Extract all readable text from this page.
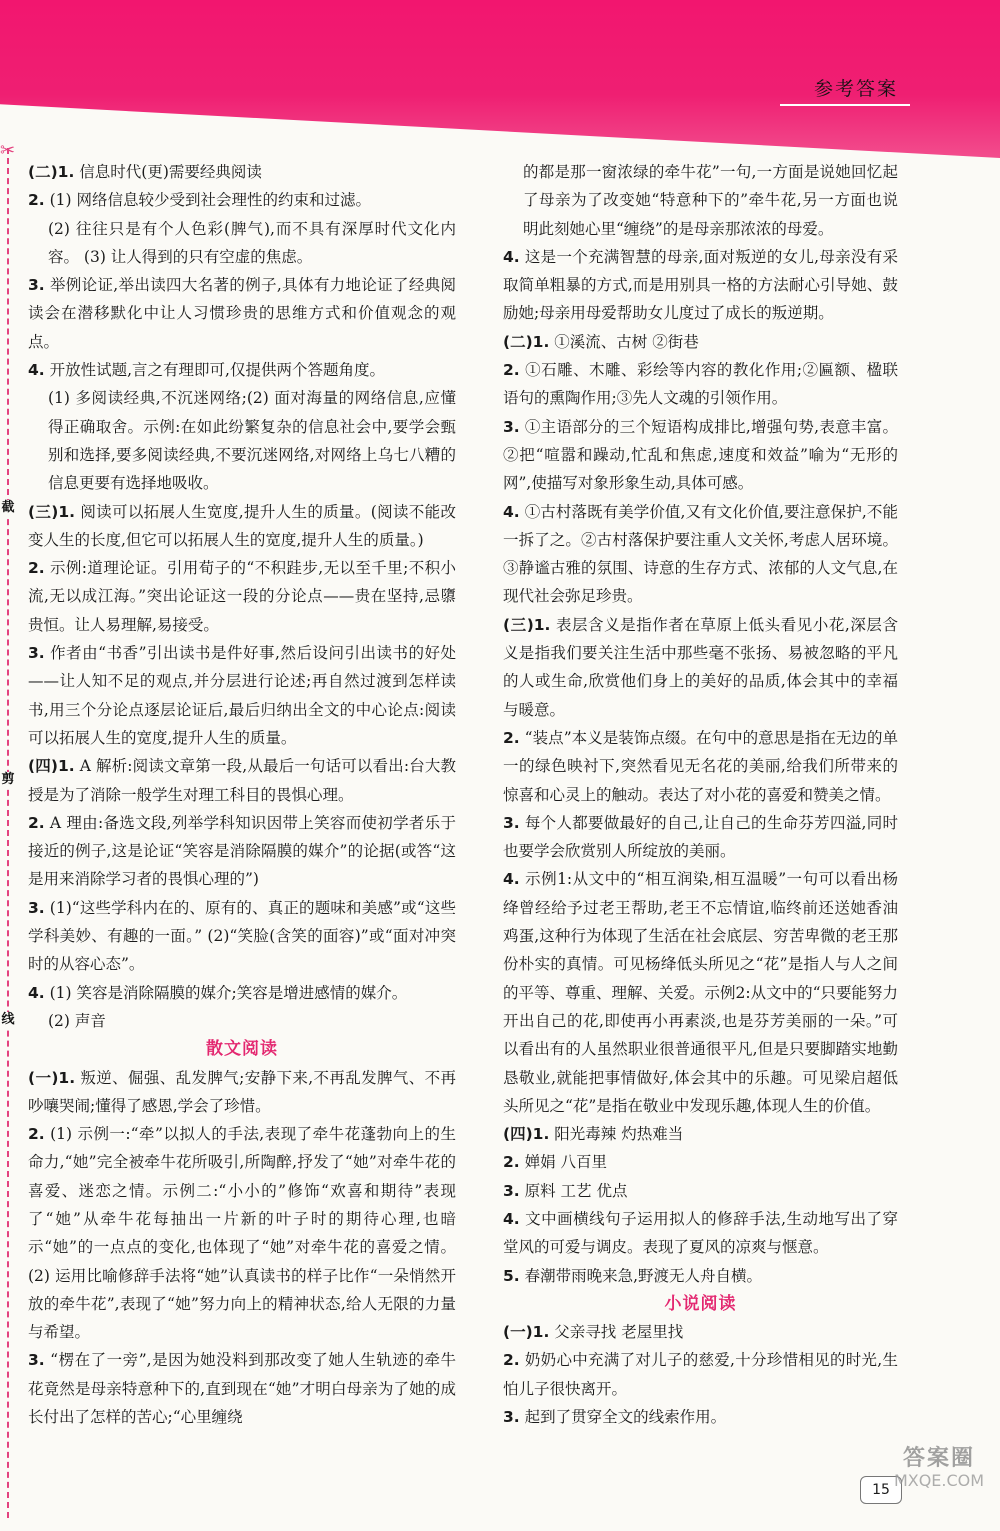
参考答案
✂
截
剪
线
(二)1. 信息时代(更)需要经典阅读
2. (1) 网络信息较少受到社会理性的约束和过滤。
(2) 往往只是有个人色彩(脾气),而不具有深厚时代文化内容。 (3) 让人得到的只有空虚的焦虑。
3. 举例论证,举出读四大名著的例子,具体有力地论证了经典阅读会在潜移默化中让人习惯珍贵的思维方式和价值观念的观点。
4. 开放性试题,言之有理即可,仅提供两个答题角度。
(1) 多阅读经典,不沉迷网络;(2) 面对海量的网络信息,应懂得正确取舍。示例:在如此纷繁复杂的信息社会中,要学会甄别和选择,要多阅读经典,不要沉迷网络,对网络上乌七八糟的信息更要有选择地吸收。
(三)1. 阅读可以拓展人生宽度,提升人生的质量。(阅读不能改变人生的长度,但它可以拓展人生的宽度,提升人生的质量。)
2. 示例:道理论证。引用荀子的“不积跬步,无以至千里;不积小流,无以成江海。”突出论证这一段的分论点——贵在坚持,忌隳贵恒。让人易理解,易接受。
3. 作者由“书香”引出读书是件好事,然后设问引出读书的好处——让人知不足的观点,并分层进行论述;再自然过渡到怎样读书,用三个分论点逐层论证后,最后归纳出全文的中心论点:阅读可以拓展人生的宽度,提升人生的质量。
(四)1. A 解析:阅读文章第一段,从最后一句话可以看出:台大教授是为了消除一般学生对理工科目的畏惧心理。
2. A 理由:备选文段,列举学科知识因带上笑容而使初学者乐于接近的例子,这是论证“笑容是消除隔膜的媒介”的论据(或答“这是用来消除学习者的畏惧心理的”)
3. (1)“这些学科内在的、原有的、真正的题味和美感”或“这些学科美妙、有趣的一面。” (2)“笑脸(含笑的面容)”或“面对冲突时的从容心态”。
4. (1) 笑容是消除隔膜的媒介;笑容是增进感情的媒介。
(2) 声音
散文阅读
(一)1. 叛逆、倔强、乱发脾气;安静下来,不再乱发脾气、不再吵嚷哭闹;懂得了感恩,学会了珍惜。
2. (1) 示例一:“牵”以拟人的手法,表现了牵牛花蓬勃向上的生命力,“她”完全被牵牛花所吸引,所陶醉,抒发了“她”对牵牛花的喜爱、迷恋之情。示例二:“小小的”修饰“欢喜和期待”表现了“她”从牵牛花每抽出一片新的叶子时的期待心理,也暗示“她”的一点点的变化,也体现了“她”对牵牛花的喜爱之情。 (2) 运用比喻修辞手法将“她”认真读书的样子比作“一朵悄然开放的牵牛花”,表现了“她”努力向上的精神状态,给人无限的力量与希望。
3. “楞在了一旁”,是因为她没料到那改变了她人生轨迹的牵牛花竟然是母亲特意种下的,直到现在“她”才明白母亲为了她的成长付出了怎样的苦心;“心里缠绕
的都是那一窗浓绿的牵牛花”一句,一方面是说她回忆起了母亲为了改变她“特意种下的”牵牛花,另一方面也说明此刻她心里“缠绕”的是母亲那浓浓的母爱。
4. 这是一个充满智慧的母亲,面对叛逆的女儿,母亲没有采取简单粗暴的方式,而是用别具一格的方法耐心引导她、鼓励她;母亲用母爱帮助女儿度过了成长的叛逆期。
(二)1. ①溪流、古树 ②街巷
2. ①石雕、木雕、彩绘等内容的教化作用;②匾额、楹联语句的熏陶作用;③先人文魂的引领作用。
3. ①主语部分的三个短语构成排比,增强句势,表意丰富。②把“喧嚣和躁动,忙乱和焦虑,速度和效益”喻为“无形的网”,使描写对象形象生动,具体可感。
4. ①古村落既有美学价值,又有文化价值,要注意保护,不能一拆了之。②古村落保护要注重人文关怀,考虑人居环境。③静谧古雅的氛围、诗意的生存方式、浓郁的人文气息,在现代社会弥足珍贵。
(三)1. 表层含义是指作者在草原上低头看见小花,深层含义是指我们要关注生活中那些毫不张扬、易被忽略的平凡的人或生命,欣赏他们身上的美好的品质,体会其中的幸福与暖意。
2. “装点”本义是装饰点缀。在句中的意思是指在无边的单一的绿色映衬下,突然看见无名花的美丽,给我们所带来的惊喜和心灵上的触动。表达了对小花的喜爱和赞美之情。
3. 每个人都要做最好的自己,让自己的生命芬芳四溢,同时也要学会欣赏别人所绽放的美丽。
4. 示例1:从文中的“相互润染,相互温暖”一句可以看出杨绛曾经给予过老王帮助,老王不忘情谊,临终前还送她香油鸡蛋,这种行为体现了生活在社会底层、穷苦卑微的老王那份朴实的真情。可见杨绛低头所见之“花”是指人与人之间的平等、尊重、理解、关爱。示例2:从文中的“只要能努力开出自己的花,即使再小再素淡,也是芬芳美丽的一朵。”可以看出有的人虽然职业很普通很平凡,但是只要脚踏实地勤恳敬业,就能把事情做好,体会其中的乐趣。可见梁启超低头所见之“花”是指在敬业中发现乐趣,体现人生的价值。
(四)1. 阳光毒辣 灼热难当
2. 婵娟 八百里
3. 原料 工艺 优点
4. 文中画横线句子运用拟人的修辞手法,生动地写出了穿堂风的可爱与调皮。表现了夏风的凉爽与惬意。
5. 春潮带雨晚来急,野渡无人舟自横。
小说阅读
(一)1. 父亲寻找 老屋里找
2. 奶奶心中充满了对儿子的慈爱,十分珍惜相见的时光,生怕儿子很快离开。
3. 起到了贯穿全文的线索作用。
15
答案圈
MXQE.COM
